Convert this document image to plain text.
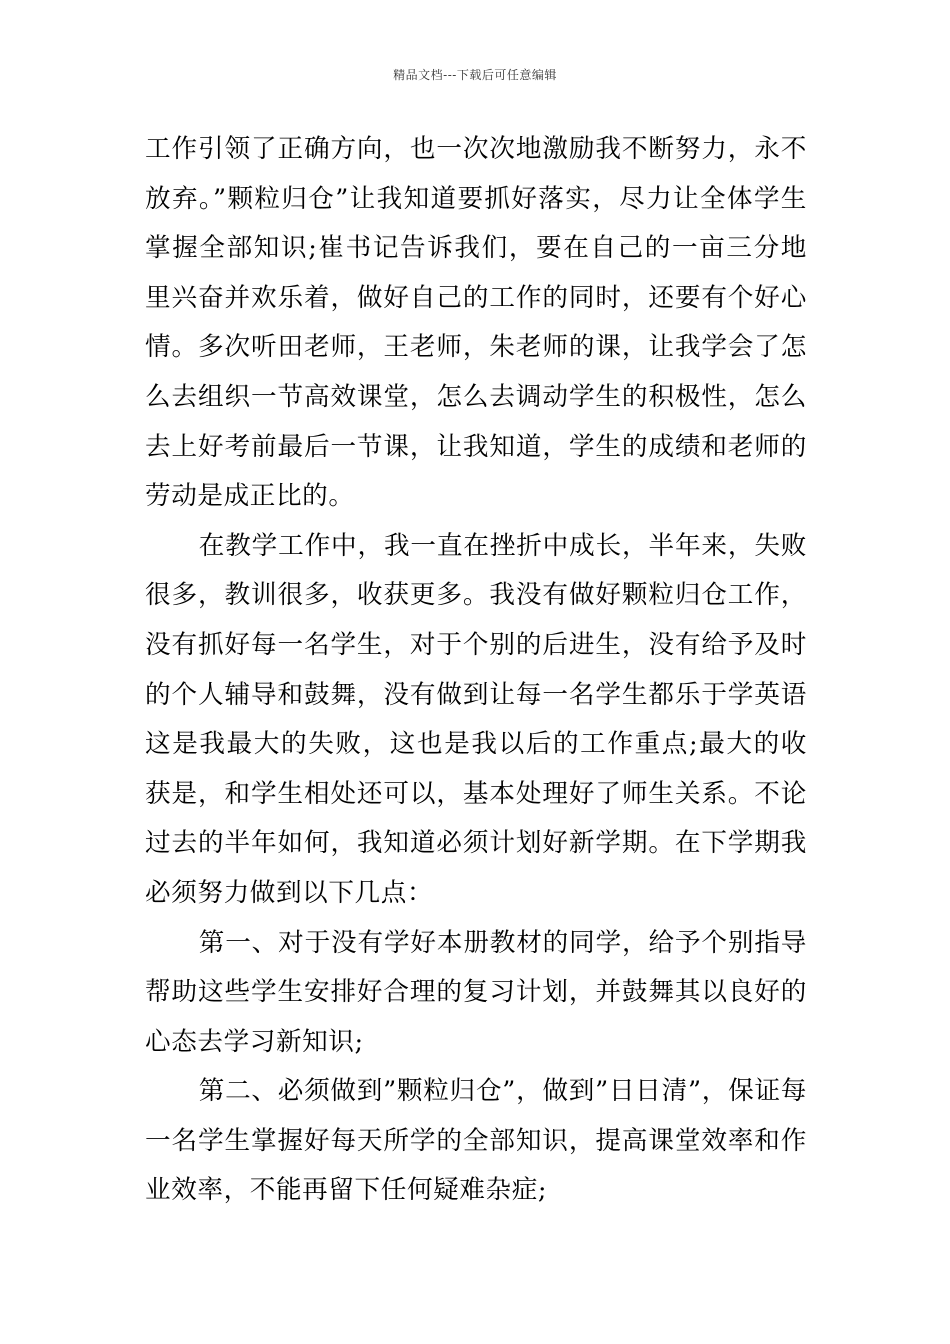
精品文档---下载后可任意编辑

工作引领了正确方向，也一次次地激励我不断努力，永不放弃。”颗粒归仓”让我知道要抓好落实，尽力让全体学生掌握全部知识;崔书记告诉我们，要在自己的一亩三分地里兴奋并欢乐着，做好自己的工作的同时，还要有个好心情。多次听田老师，王老师，朱老师的课，让我学会了怎么去组织一节高效课堂，怎么去调动学生的积极性，怎么去上好考前最后一节课，让我知道，学生的成绩和老师的劳动是成正比的。

在教学工作中，我一直在挫折中成长，半年来，失败很多，教训很多，收获更多。我没有做好颗粒归仓工作，没有抓好每一名学生，对于个别的后进生，没有给予及时的个人辅导和鼓舞，没有做到让每一名学生都乐于学英语这是我最大的失败，这也是我以后的工作重点;最大的收获是，和学生相处还可以，基本处理好了师生关系。不论过去的半年如何，我知道必须计划好新学期。在下学期我必须努力做到以下几点：

第一、对于没有学好本册教材的同学，给予个别指导帮助这些学生安排好合理的复习计划，并鼓舞其以良好的心态去学习新知识;

第二、必须做到”颗粒归仓”，做到”日日清”，保证每一名学生掌握好每天所学的全部知识，提高课堂效率和作业效率，不能再留下任何疑难杂症;
